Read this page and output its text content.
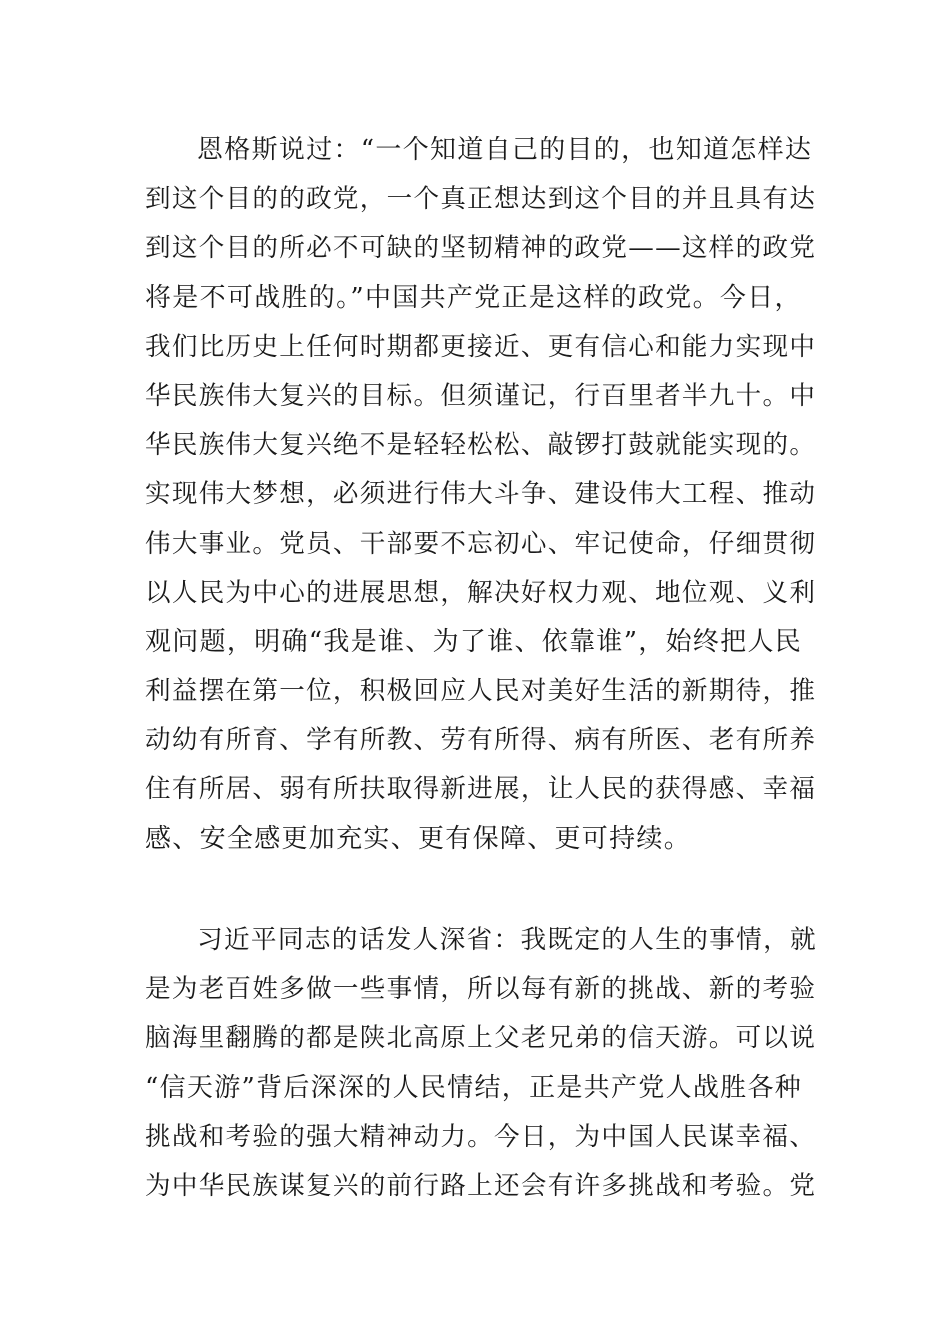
恩格斯说过：“一个知道自己的目的，也知道怎样达
到这个目的的政党，一个真正想达到这个目的并且具有达
到这个目的所必不可缺的坚韧精神的政党——这样的政党
将是不可战胜的。”中国共产党正是这样的政党。今日，
我们比历史上任何时期都更接近、更有信心和能力实现中
华民族伟大复兴的目标。但须谨记，行百里者半九十。中
华民族伟大复兴绝不是轻轻松松、敲锣打鼓就能实现的。
实现伟大梦想，必须进行伟大斗争、建设伟大工程、推动
伟大事业。党员、干部要不忘初心、牢记使命，仔细贯彻
以人民为中心的进展思想，解决好权力观、地位观、义利
观问题，明确“我是谁、为了谁、依靠谁”，始终把人民
利益摆在第一位，积极回应人民对美好生活的新期待，推
动幼有所育、学有所教、劳有所得、病有所医、老有所养
住有所居、弱有所扶取得新进展，让人民的获得感、幸福
感、安全感更加充实、更有保障、更可持续。
习近平同志的话发人深省：我既定的人生的事情，就
是为老百姓多做一些事情，所以每有新的挑战、新的考验
脑海里翻腾的都是陕北高原上父老兄弟的信天游。可以说
“信天游”背后深深的人民情结，正是共产党人战胜各种
挑战和考验的强大精神动力。今日，为中国人民谋幸福、
为中华民族谋复兴的前行路上还会有许多挑战和考验。党
